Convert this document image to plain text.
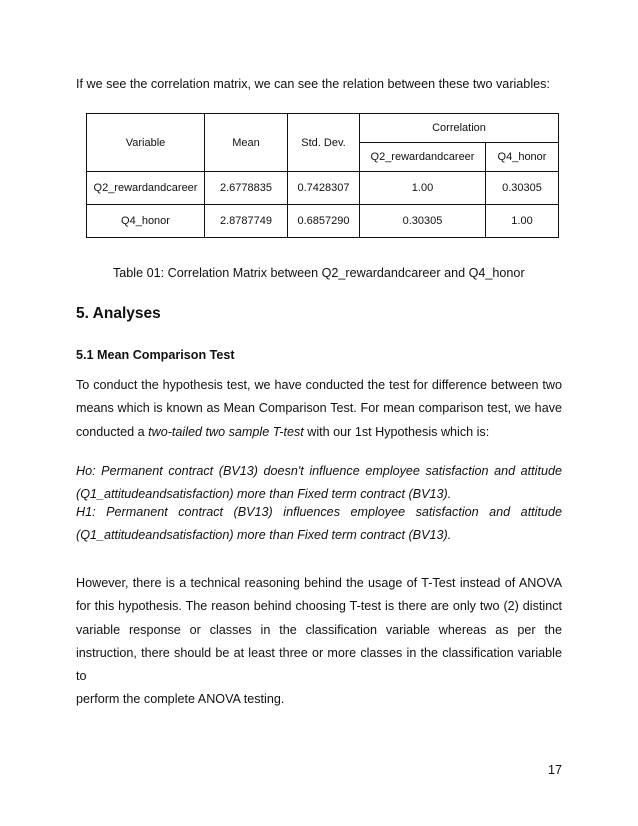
If we see the correlation matrix, we can see the relation between these two variables:

Variable	Mean	Std. Dev.	Correlation	
			Q2_rewardandcareer	Q4_honor
Q2_rewardandcareer	2.6778835	0.7428307	1.00	0.30305
Q4_honor	2.8787749	0.6857290	0.30305	1.00

Table 01: Correlation Matrix between Q2_rewardandcareer and Q4_honor

5. Analyses
5.1 Mean Comparison Test

To conduct the hypothesis test, we have conducted the test for difference between two
means which is known as Mean Comparison Test. For mean comparison test, we have
conducted a two-tailed two sample T-test with our 1st Hypothesis which is:

Ho: Permanent contract (BV13) doesn't influence employee satisfaction and attitude
(Q1_attitudeandsatisfaction) more than Fixed term contract (BV13).
H1: Permanent contract (BV13) influences employee satisfaction and attitude
(Q1_attitudeandsatisfaction) more than Fixed term contract (BV13).

However, there is a technical reasoning behind the usage of T-Test instead of ANOVA
for this hypothesis. The reason behind choosing T-test is there are only two (2) distinct
variable response or classes in the classification variable whereas as per the
instruction, there should be at least three or more classes in the classification variable to
perform the complete ANOVA testing.

17
